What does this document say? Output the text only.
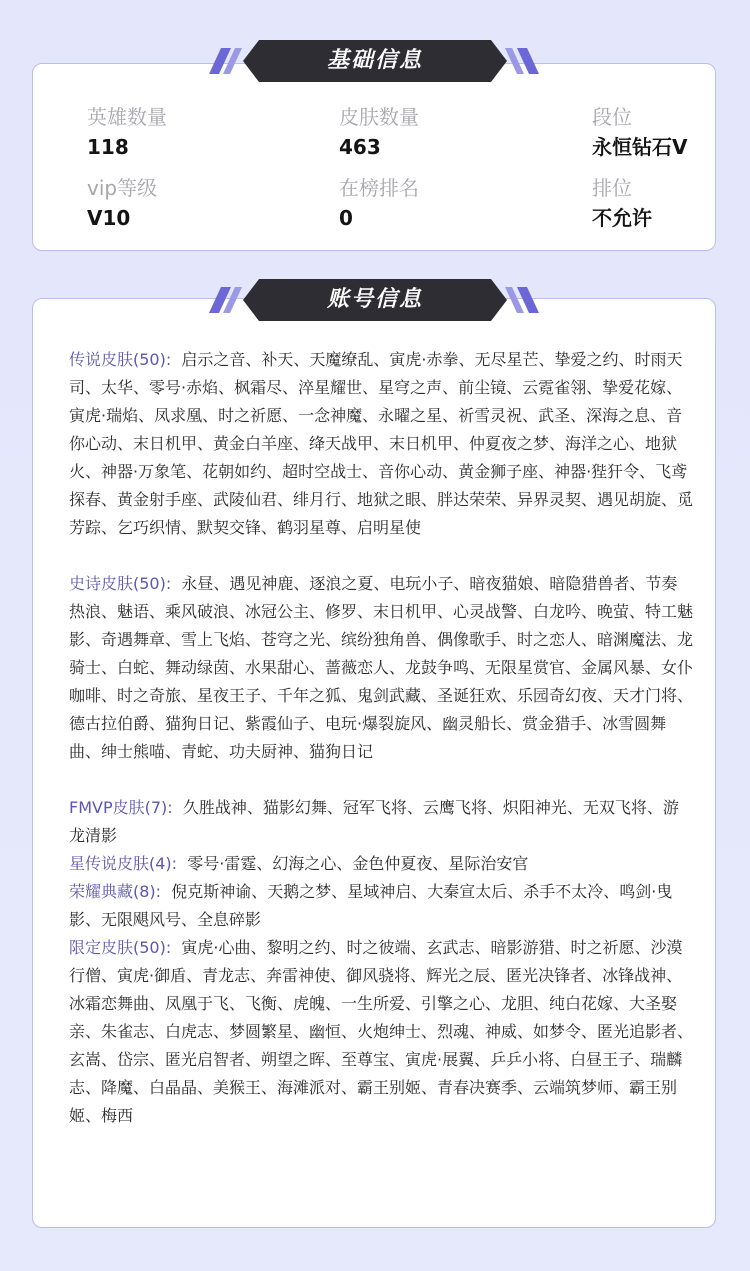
英雄数量
118
皮肤数量
463
段位
永恒钻石V
vip等级
V10
在榜排名
0
排位
不允许
基础信息

传说皮肤(50): 启示之音、补天、天魔缭乱、寅虎·赤拳、无尽星芒、挚爱之约、时雨天司、太华、零号·赤焰、枫霜尽、淬星耀世、星穹之声、前尘镜、云霓雀翎、挚爱花嫁、寅虎·瑞焰、凤求凰、时之祈愿、一念神魔、永曜之星、祈雪灵祝、武圣、深海之息、音你心动、末日机甲、黄金白羊座、绛天战甲、末日机甲、仲夏夜之梦、海洋之心、地狱火、神器·万象笔、花朝如约、超时空战士、音你心动、黄金狮子座、神器·狴犴令、飞鸢探春、黄金射手座、武陵仙君、绯月行、地狱之眼、胖达荣荣、异界灵契、遇见胡旋、觅芳踪、乞巧织情、默契交锋、鹤羽星尊、启明星使

史诗皮肤(50): 永昼、遇见神鹿、逐浪之夏、电玩小子、暗夜猫娘、暗隐猎兽者、节奏热浪、魅语、乘风破浪、冰冠公主、修罗、末日机甲、心灵战警、白龙吟、晚萤、特工魅影、奇遇舞章、雪上飞焰、苍穹之光、缤纷独角兽、偶像歌手、时之恋人、暗渊魔法、龙骑士、白蛇、舞动绿茵、水果甜心、蔷薇恋人、龙鼓争鸣、无限星赏官、金属风暴、女仆咖啡、时之奇旅、星夜王子、千年之狐、鬼剑武藏、圣诞狂欢、乐园奇幻夜、天才门将、德古拉伯爵、猫狗日记、紫霞仙子、电玩·爆裂旋风、幽灵船长、赏金猎手、冰雪圆舞曲、绅士熊喵、青蛇、功夫厨神、猫狗日记

FMVP皮肤(7): 久胜战神、猫影幻舞、冠军飞将、云鹰飞将、炽阳神光、无双飞将、游龙清影

星传说皮肤(4): 零号·雷霆、幻海之心、金色仲夏夜、星际治安官

荣耀典藏(8): 倪克斯神谕、天鹅之梦、星域神启、大秦宣太后、杀手不太冷、鸣剑·曳影、无限飓风号、全息碎影

限定皮肤(50): 寅虎·心曲、黎明之约、时之彼端、玄武志、暗影游猎、时之祈愿、沙漠行僧、寅虎·御盾、青龙志、奔雷神使、御风骁将、辉光之辰、匿光决锋者、冰锋战神、冰霜恋舞曲、凤凰于飞、飞衡、虎魄、一生所爱、引擎之心、龙胆、纯白花嫁、大圣娶亲、朱雀志、白虎志、梦圆繁星、幽恒、火炮绅士、烈魂、神威、如梦令、匿光追影者、玄嵩、岱宗、匿光启智者、朔望之晖、至尊宝、寅虎·展翼、乒乒小将、白昼王子、瑞麟志、降魔、白晶晶、美猴王、海滩派对、霸王别姬、青春决赛季、云端筑梦师、霸王别姬、梅西

账号信息
